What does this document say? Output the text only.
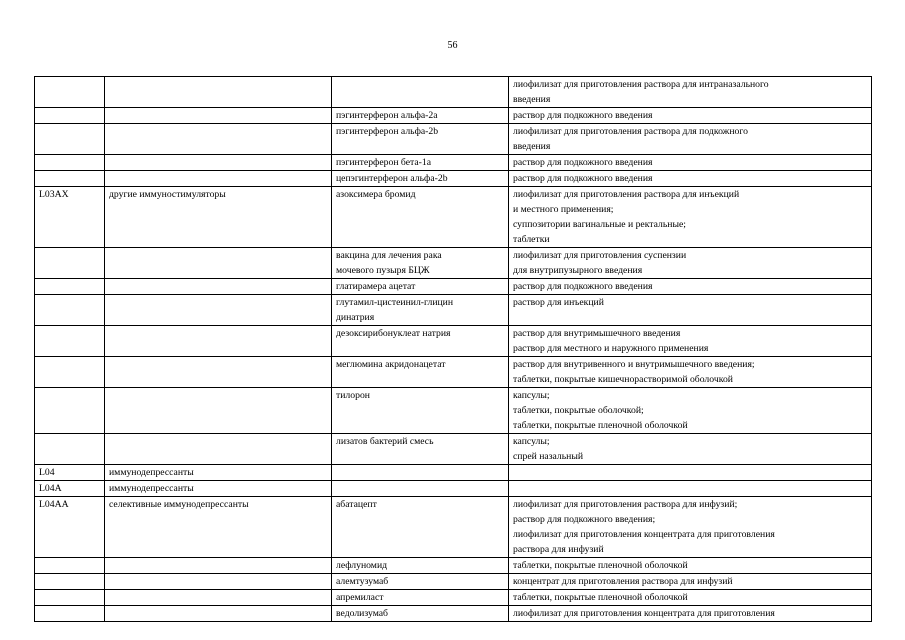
56
			лиофилизат для приготовления раствора для интраназального
введения
		пэгинтерферон альфа-2a	раствор для подкожного введения
		пэгинтерферон альфа-2b	лиофилизат для приготовления раствора для подкожного
введения
		пэгинтерферон бета-1a	раствор для подкожного введения
		цепэгинтерферон альфа-2b	раствор для подкожного введения
L03AX	другие иммуностимуляторы	азоксимера бромид	лиофилизат для приготовления раствора для инъекций
и местного применения;
суппозитории вагинальные и ректальные;
таблетки
		вакцина для лечения рака
мочевого пузыря БЦЖ	лиофилизат для приготовления суспензии
для внутрипузырного введения
		глатирамера ацетат	раствор для подкожного введения
		глутамил-цистеинил-глицин
динатрия	раствор для инъекций
		дезоксирибонуклеат натрия	раствор для внутримышечного введения
раствор для местного и наружного применения
		меглюмина акридонацетат	раствор для внутривенного и внутримышечного введения;
таблетки, покрытые кишечнорастворимой оболочкой
		тилорон	капсулы;
таблетки, покрытые оболочкой;
таблетки, покрытые пленочной оболочкой
		лизатов бактерий смесь	капсулы;
спрей назальный
L04	иммунодепрессанты		
L04A	иммунодепрессанты		
L04AA	селективные иммунодепрессанты	абатацепт	лиофилизат для приготовления раствора для инфузий;
раствор для подкожного введения;
лиофилизат для приготовления концентрата для приготовления
раствора для инфузий
		лефлуномид	таблетки, покрытые пленочной оболочкой
		алемтузумаб	концентрат для приготовления раствора для инфузий
		апремиласт	таблетки, покрытые пленочной оболочкой
		ведолизумаб	лиофилизат для приготовления концентрата для приготовления
